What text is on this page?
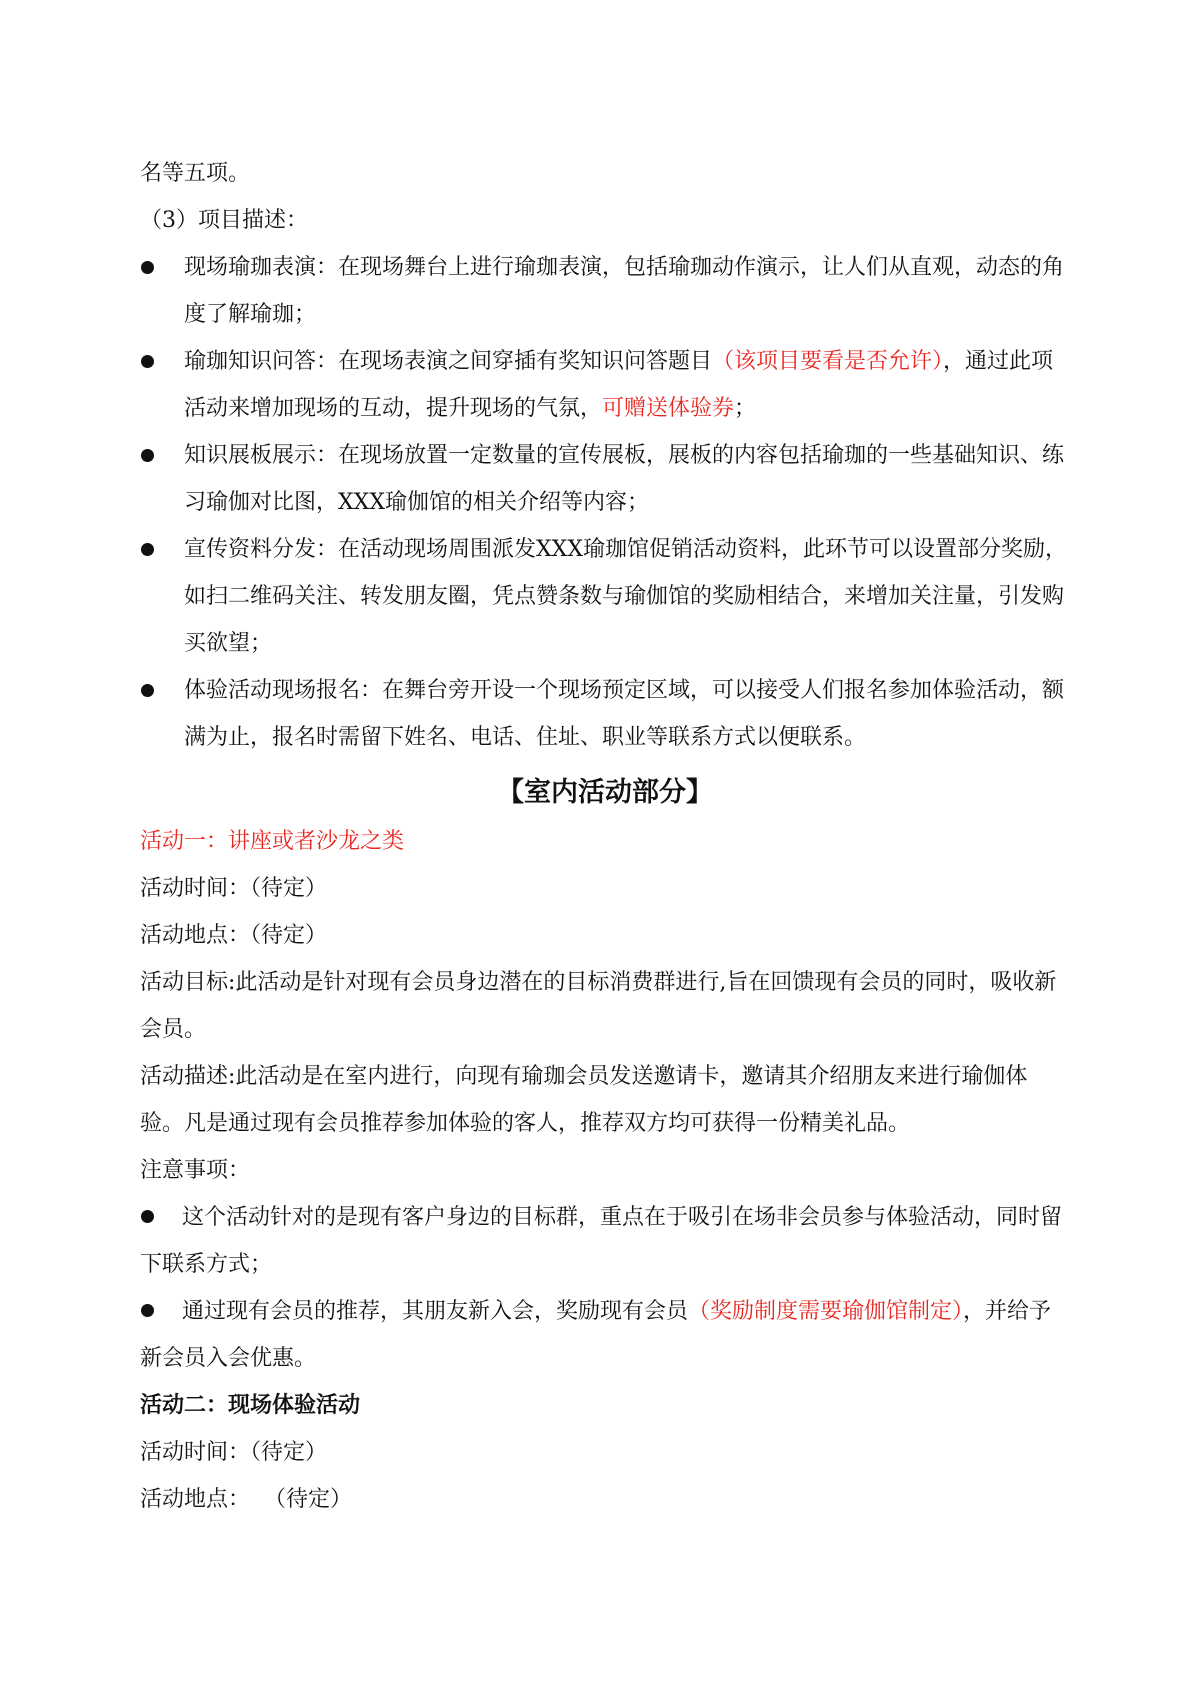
名等五项。

（3）项目描述：

现场瑜珈表演：在现场舞台上进行瑜珈表演，包括瑜珈动作演示，让人们从直观，动态的角度了解瑜珈；
瑜珈知识问答：在现场表演之间穿插有奖知识问答题目（该项目要看是否允许），通过此项活动来增加现场的互动，提升现场的气氛，可赠送体验券；
知识展板展示：在现场放置一定数量的宣传展板，展板的内容包括瑜珈的一些基础知识、练习瑜伽对比图，XXX瑜伽馆的相关介绍等内容；
宣传资料分发：在活动现场周围派发XXX瑜珈馆促销活动资料，此环节可以设置部分奖励，如扫二维码关注、转发朋友圈，凭点赞条数与瑜伽馆的奖励相结合，来增加关注量，引发购买欲望；
体验活动现场报名：在舞台旁开设一个现场预定区域，可以接受人们报名参加体验活动，额满为止，报名时需留下姓名、电话、住址、职业等联系方式以便联系。
【室内活动部分】

活动一：讲座或者沙龙之类

活动时间：（待定）

活动地点：（待定）

活动目标:此活动是针对现有会员身边潜在的目标消费群进行,旨在回馈现有会员的同时，吸收新会员。

活动描述:此活动是在室内进行，向现有瑜珈会员发送邀请卡，邀请其介绍朋友来进行瑜伽体验。凡是通过现有会员推荐参加体验的客人，推荐双方均可获得一份精美礼品。

注意事项：

这个活动针对的是现有客户身边的目标群，重点在于吸引在场非会员参与体验活动，同时留下联系方式；

通过现有会员的推荐，其朋友新入会，奖励现有会员（奖励制度需要瑜伽馆制定），并给予新会员入会优惠。

活动二：现场体验活动

活动时间：（待定）

活动地点：  （待定）
